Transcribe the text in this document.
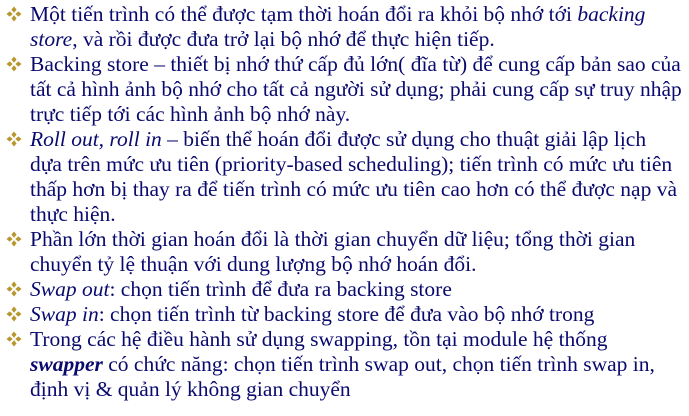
Một tiến trình có thể được tạm thời hoán đổi ra khỏi bộ nhớ tới backing store, và rồi được đưa trở lại bộ nhớ để thực hiện tiếp.
Backing store – thiết bị nhớ thứ cấp đủ lớn( đĩa từ) để cung cấp bản sao của tất cả hình ảnh bộ nhớ cho tất cả người sử dụng; phải cung cấp sự truy nhập trực tiếp tới các hình ảnh bộ nhớ này.
Roll out, roll in – biến thể hoán đổi được sử dụng cho thuật giải lập lịch dựa trên mức ưu tiên (priority-based scheduling); tiến trình có mức ưu tiên thấp hơn bị thay ra để tiến trình có mức ưu tiên cao hơn có thể được nạp và thực hiện.
Phần lớn thời gian hoán đổi là thời gian chuyển dữ liệu; tổng thời gian chuyển tỷ lệ thuận với dung lượng bộ nhớ hoán đổi.
Swap out: chọn tiến trình để đưa ra backing store
Swap in: chọn tiến trình từ backing store để đưa vào bộ nhớ trong
Trong các hệ điều hành sử dụng swapping, tồn tại module hệ thống swapper có chức năng: chọn tiến trình swap out, chọn tiến trình swap in, định vị & quản lý không gian chuyển
